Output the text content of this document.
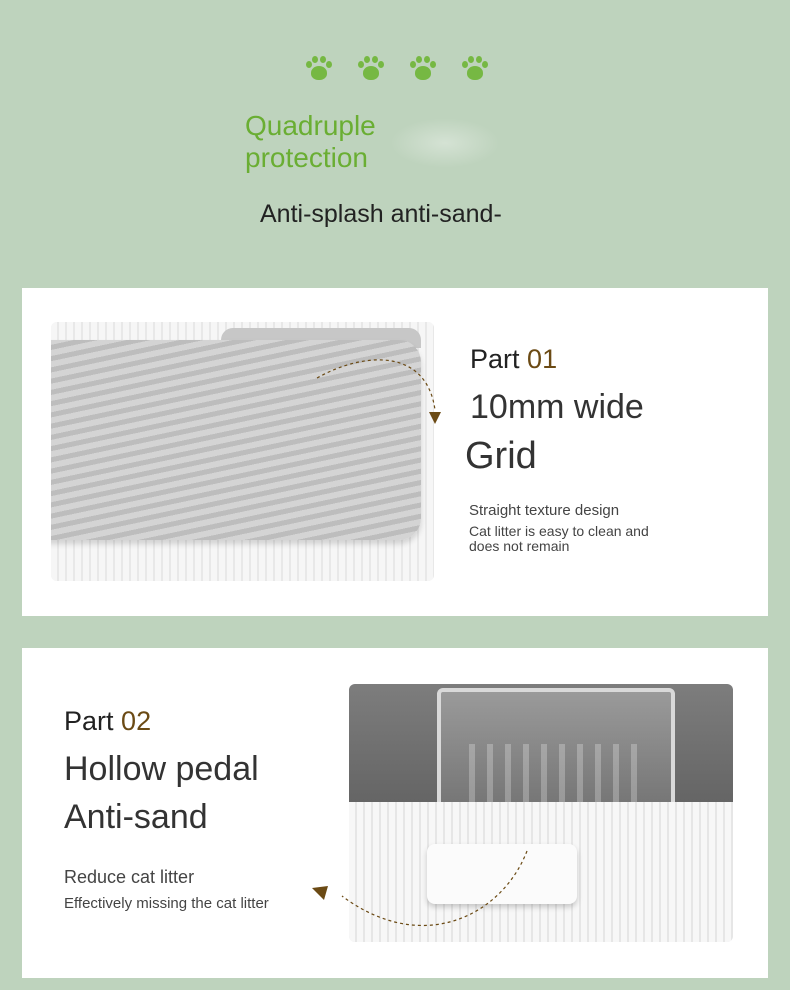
Quadruple
protection
Anti-splash anti-sand-
Part 01

10mm wide

Grid

Straight texture design

Cat litter is easy to clean and
does not remain

Part 02

Hollow pedal

Anti-sand

Reduce cat litter

Effectively missing the cat litter
